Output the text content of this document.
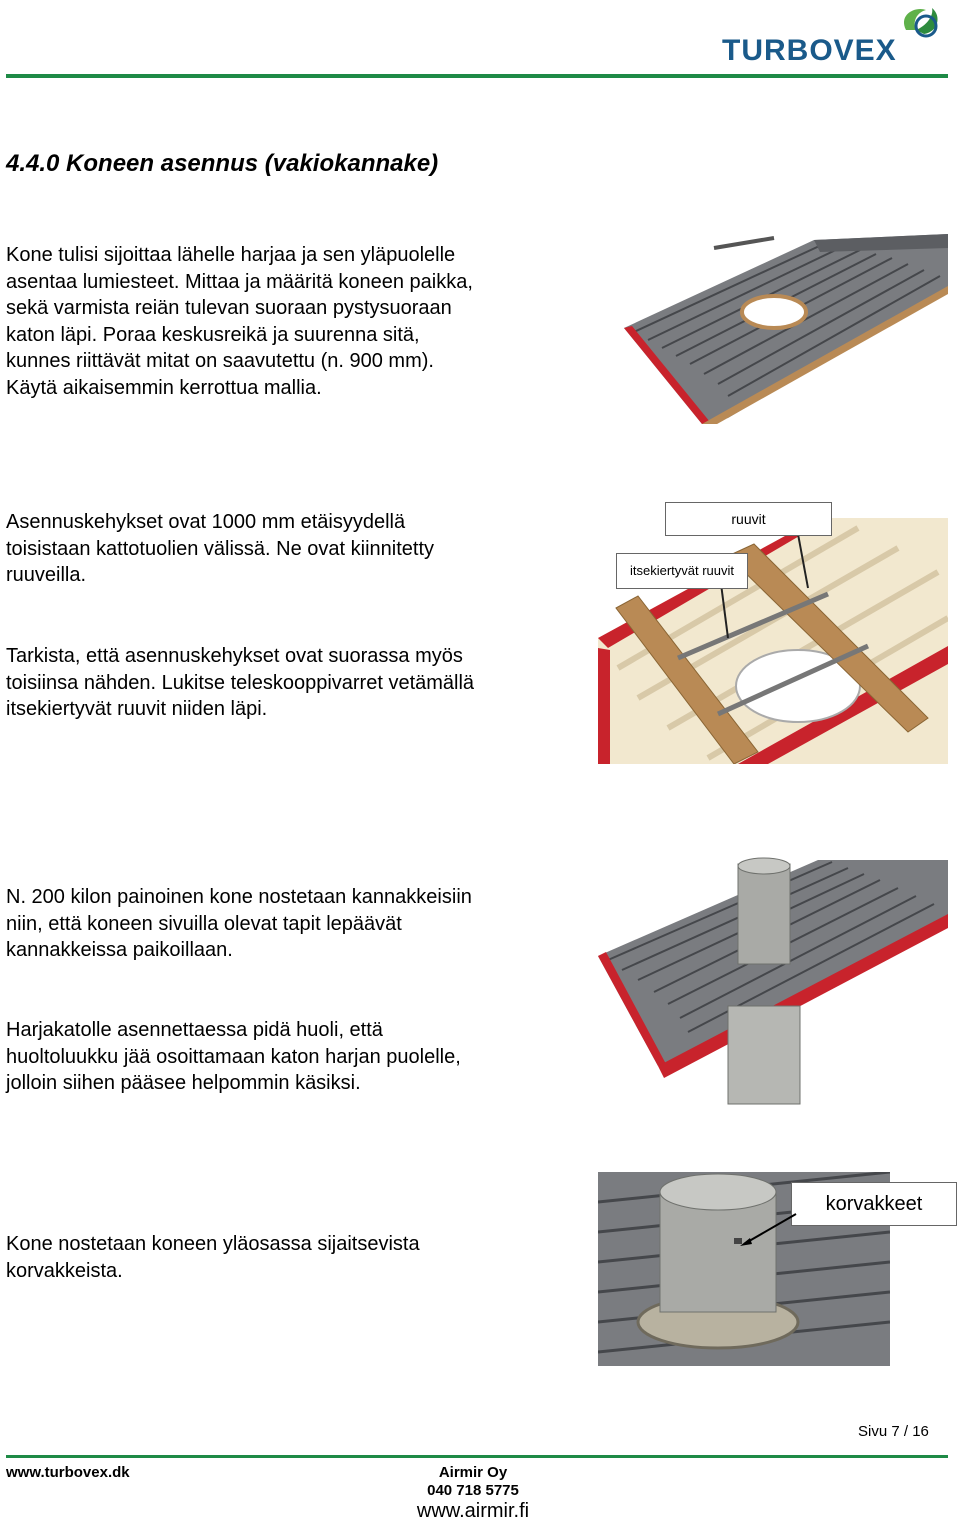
TURBOVEX
4.4.0 Koneen asennus (vakiokannake)
Kone tulisi sijoittaa lähelle harjaa ja sen yläpuolelle
asentaa lumiesteet. Mittaa ja määritä koneen paikka,
sekä varmista reiän tulevan suoraan pystysuoraan
katon läpi. Poraa keskusreikä ja suurenna sitä,
kunnes riittävät mitat on saavutettu (n. 900 mm).
Käytä aikaisemmin kerrottua mallia.
Asennuskehykset ovat 1000 mm etäisyydellä
toisistaan kattotuolien välissä. Ne ovat kiinnitetty
ruuveilla.
ruuvit
itsekiertyvät ruuvit
Tarkista, että asennuskehykset ovat suorassa myös
toisiinsa nähden. Lukitse teleskooppivarret vetämällä
itsekiertyvät ruuvit niiden läpi.
N. 200 kilon painoinen kone nostetaan kannakkeisiin
niin, että koneen sivuilla olevat tapit lepäävät
kannakkeissa paikoillaan.
Harjakatolle asennettaessa pidä huoli, että
huoltoluukku jää osoittamaan katon harjan puolelle,
jolloin siihen pääsee helpommin käsiksi.
Kone nostetaan koneen yläosassa sijaitsevista
korvakkeista.
korvakkeet
Sivu 7 / 16
www.turbovex.dk	Airmir Oy
040 718 5775
www.airmir.fi
